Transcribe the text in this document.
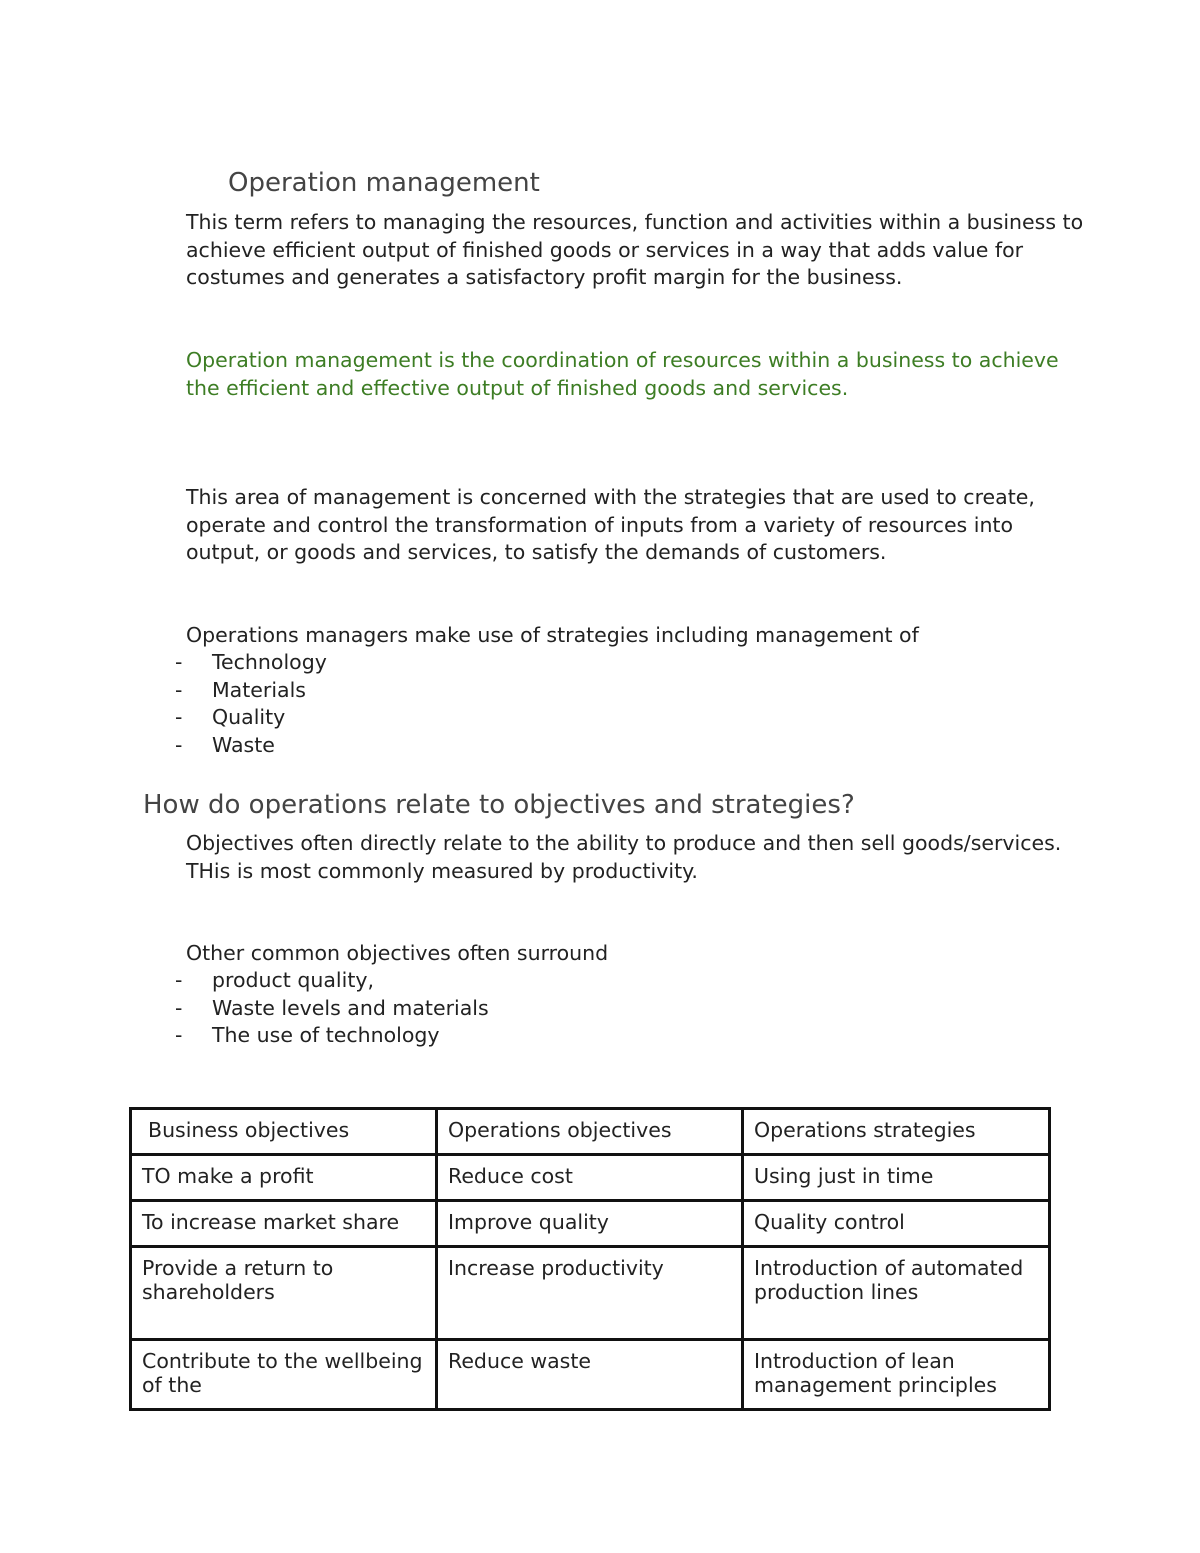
Operation management

This term refers to managing the resources, function and activities within a business to achieve efficient output of finished goods or services in a way that adds value for costumes and generates a satisfactory profit margin for the business.

Operation management is the coordination of resources within a business to achieve the efficient and effective output of finished goods and services.

This area of management is concerned with the strategies that are used to create, operate and control the transformation of inputs from a variety of resources into output, or goods and services, to satisfy the demands of customers.

Operations managers make use of strategies including management of

-	Technology
-	Materials
-	Quality
-	Waste
How do operations relate to objectives and strategies?

Objectives often directly relate to the ability to produce and then sell goods/services. THis is most commonly measured by productivity.

Other common objectives often surround

-	product quality,
-	Waste levels and materials
-	The use of technology
Business objectives	Operations objectives	Operations strategies
TO make a profit	Reduce cost	Using just in time
To increase market share	Improve quality	Quality control
Provide a return to shareholders	Increase productivity	Introduction of automated production lines
Contribute to the wellbeing of the	Reduce waste	Introduction of lean management principles
